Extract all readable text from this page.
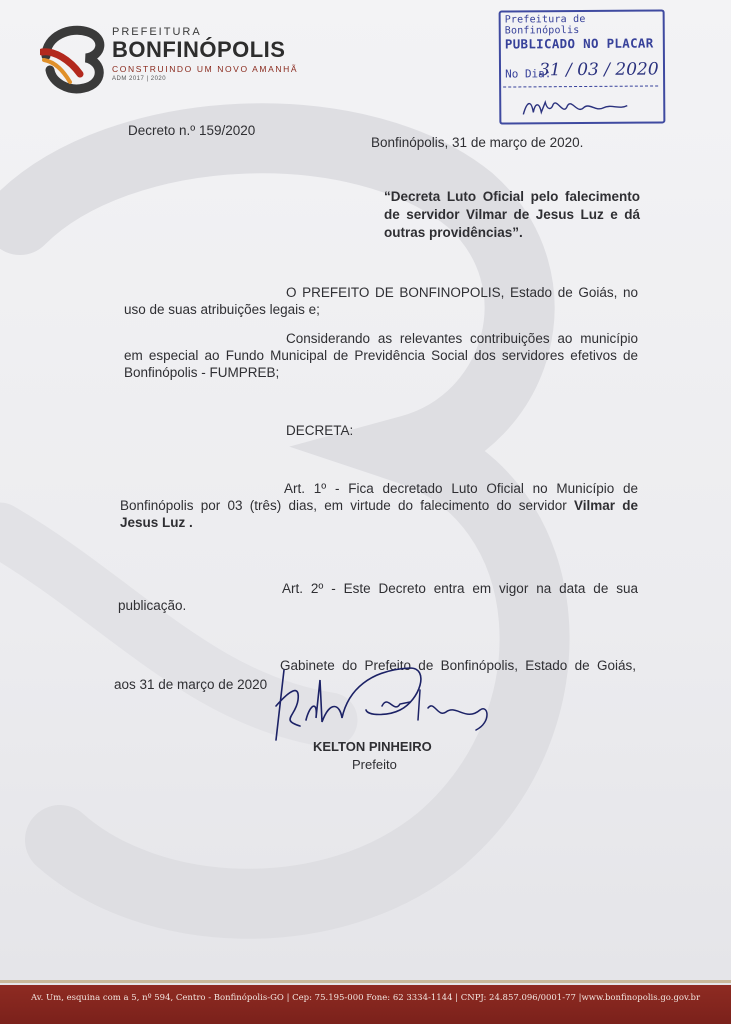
PREFEITURA
BONFINÓPOLIS
CONSTRUINDO UM NOVO AMANHÃ
ADM 2017 | 2020
Prefeitura de Bonfinópolis
PUBLICADO NO PLACAR
No Dia:
31 / 03 / 2020
Decreto n.º 159/2020
Bonfinópolis, 31 de março de 2020.
“Decreta Luto Oficial pelo falecimento de servidor Vilmar de Jesus Luz e dá outras providências”.
O PREFEITO DE BONFINOPOLIS, Estado de Goiás, no uso de suas atribuições legais e;
Considerando as relevantes contribuições ao município em especial ao Fundo Municipal de Previdência Social dos servidores efetivos de Bonfinópolis - FUMPREB;
DECRETA:
Art. 1º - Fica decretado Luto Oficial no Município de Bonfinópolis por 03 (três) dias, em virtude do falecimento do servidor Vilmar de Jesus Luz .
Art. 2º - Este Decreto entra em vigor na data de sua publicação.
Gabinete do Prefeito de Bonfinópolis, Estado de Goiás, aos 31 de março de 2020
KELTON PINHEIRO
Prefeito
Av. Um, esquina com a 5, nº 594, Centro - Bonfinópolis-GO | Cep: 75.195-000 Fone: 62 3334-1144 | CNPJ: 24.857.096/0001-77 |www.bonfinopolis.go.gov.br
